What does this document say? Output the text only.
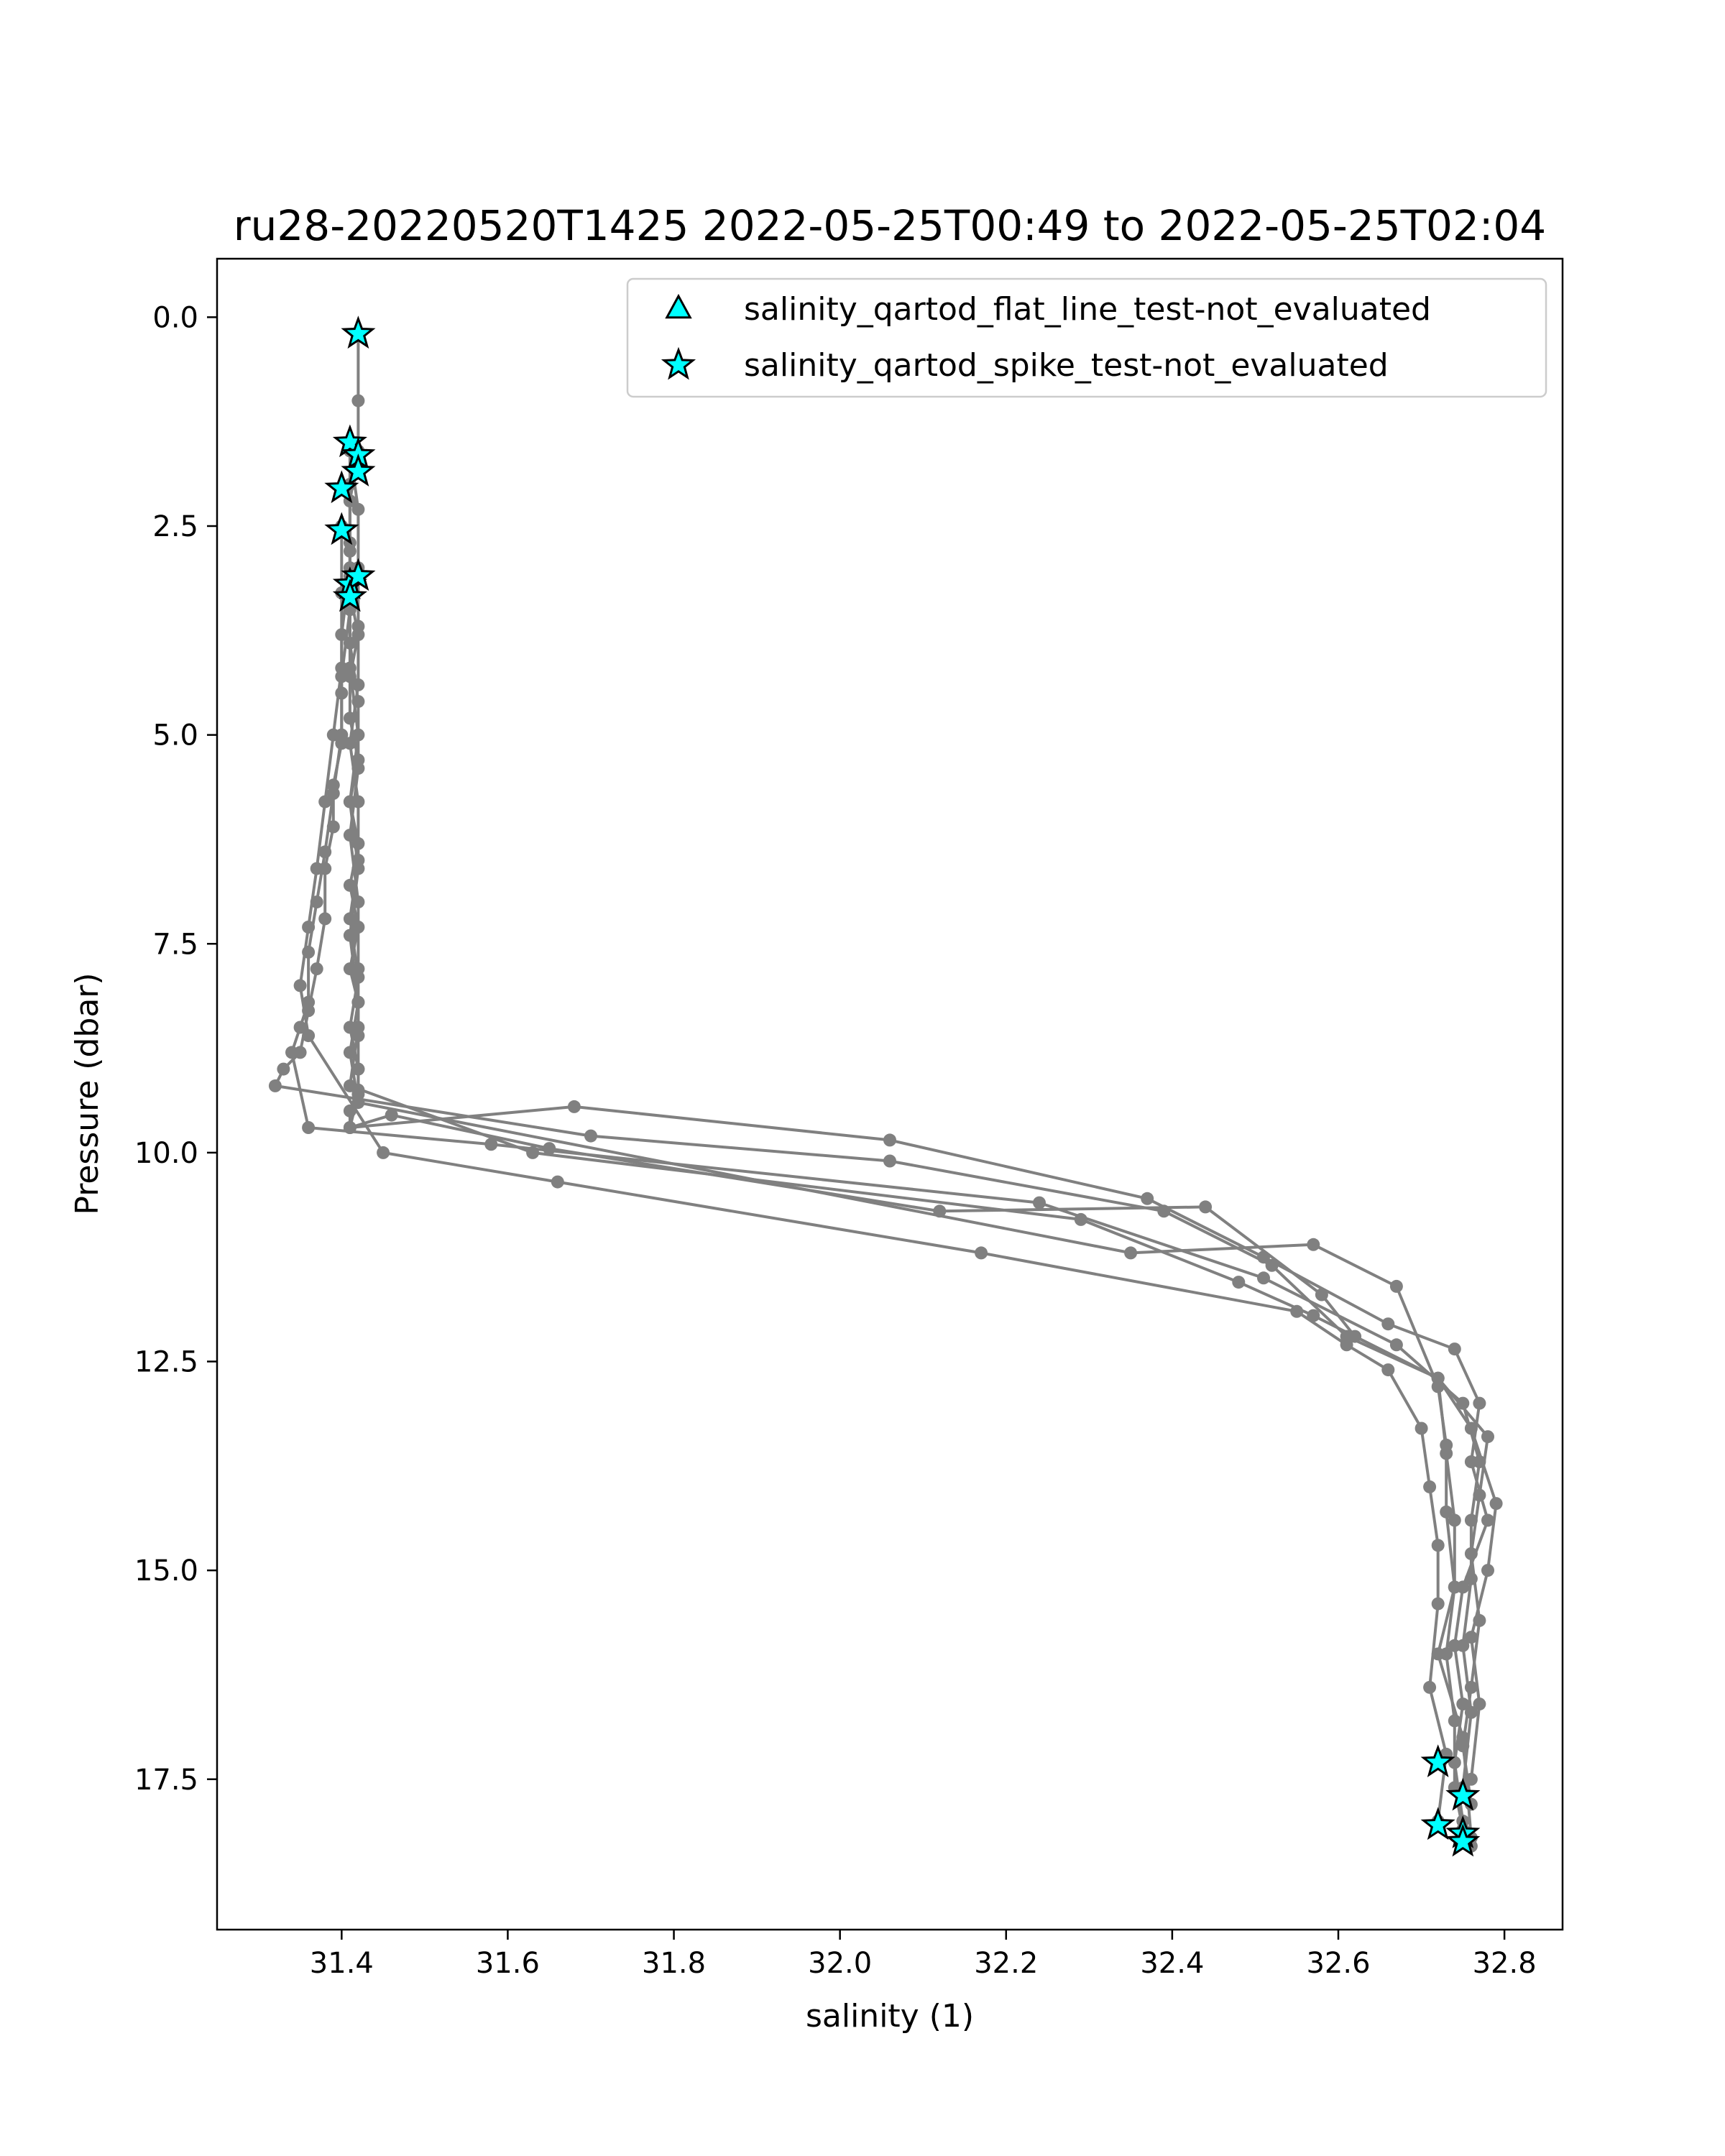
ru28-20220520T1425 2022-05-25T00:49 to 2022-05-25T02:04
31.4	31.6	31.8	32.0	32.2	32.4	32.6	32.8
0.0
2.5
5.0
7.5
10.0
12.5
15.0
17.5
salinity (1)
Pressure (dbar)
salinity_qartod_flat_line_test-not_evaluated
salinity_qartod_spike_test-not_evaluated
